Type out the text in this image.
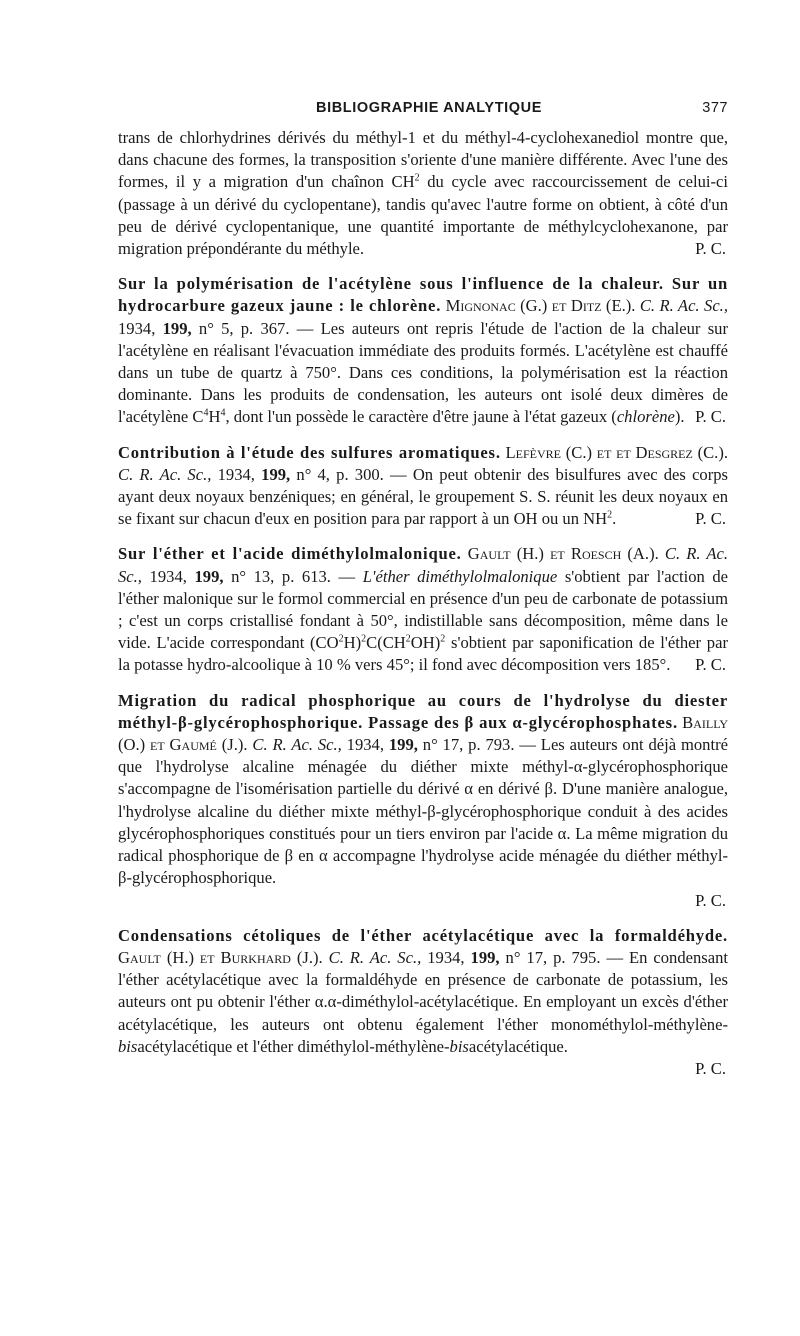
BIBLIOGRAPHIE ANALYTIQUE	377

trans de chlorhydrines dérivés du méthyl-1 et du méthyl-4-cyclohexanediol montre que, dans chacune des formes, la transposition s'oriente d'une manière différente. Avec l'une des formes, il y a migration d'un chaînon $CH^2$ du cycle avec raccourcissement de celui-ci (passage à un dérivé du cyclopentane), tandis qu'avec l'autre forme on obtient, à côté d'un peu de dérivé cyclopentanique, une quantité importante de méthylcyclohexanone, par migration prépondérante du méthyle.	P. C.

Sur la polymérisation de l'acétylène sous l'influence de la chaleur. Sur un hydrocarbure gazeux jaune : le chlorène. Mignonac (G.) et Ditz (E.). C. R. Ac. Sc., 1934, 199, n° 5, p. 367. — Les auteurs ont repris l'étude de l'action de la chaleur sur l'acétylène en réalisant l'évacuation immédiate des produits formés. L'acétylène est chauffé dans un tube de quartz à 750°. Dans ces conditions, la polymérisation est la réaction dominante. Dans les produits de condensation, les auteurs ont isolé deux dimères de l'acétylène $C^4H^4$, dont l'un possède le caractère d'être jaune à l'état gazeux (chlorène). P. C.

Contribution à l'étude des sulfures aromatiques. Lefèvre (C.) et et Desgrez (C.). C. R. Ac. Sc., 1934, 199, n° 4, p. 300. — On peut obtenir des bisulfures avec des corps ayant deux noyaux benzéniques; en général, le groupement S. S. réunit les deux noyaux en se fixant sur chacun d'eux en position para par rapport à un OH ou un $NH^2$.	P. C.

Sur l'éther et l'acide diméthylolmalonique. Gault (H.) et Roesch (A.). C. R. Ac. Sc., 1934, 199, n° 13, p. 613. — L'éther diméthylolmalonique s'obtient par l'action de l'éther malonique sur le formol commercial en présence d'un peu de carbonate de potassium ; c'est un corps cristallisé fondant à 50°, indistillable sans décomposition, même dans le vide. L'acide correspondant $(CO^2H)^2C(CH^2OH)^2$ s'obtient par saponification de l'éther par la potasse hydro-alcoolique à 10 % vers 45°; il fond avec décomposition vers 185°. P. C.

Migration du radical phosphorique au cours de l'hydrolyse du diester méthyl-β-glycérophosphorique. Passage des β aux α-glycérophosphates. Bailly (O.) et Gaumé (J.). C. R. Ac. Sc., 1934, 199, n° 17, p. 793. — Les auteurs ont déjà montré que l'hydrolyse alcaline ménagée du diéther mixte méthyl-α-glycérophosphorique s'accompagne de l'isomérisation partielle du dérivé α en dérivé β. D'une manière analogue, l'hydrolyse alcaline du diéther mixte méthyl-β-glycérophosphorique conduit à des acides glycérophosphoriques constitués pour un tiers environ par l'acide α. La même migration du radical phosphorique de β en α accompagne l'hydrolyse acide ménagée du diéther méthyl-β-glycérophosphorique.
P. C.

Condensations cétoliques de l'éther acétylacétique avec la formaldéhyde. Gault (H.) et Burkhard (J.). C. R. Ac. Sc., 1934, 199, n° 17, p. 795. — En condensant l'éther acétylacétique avec la formaldéhyde en présence de carbonate de potassium, les auteurs ont pu obtenir l'éther α.α-diméthylol-acétylacétique. En employant un excès d'éther acétylacétique, les auteurs ont obtenu également l'éther monométhylol-méthylène-bisacétylacétique et l'éther diméthylol-méthylène-bisacétylacétique.
P. C.
